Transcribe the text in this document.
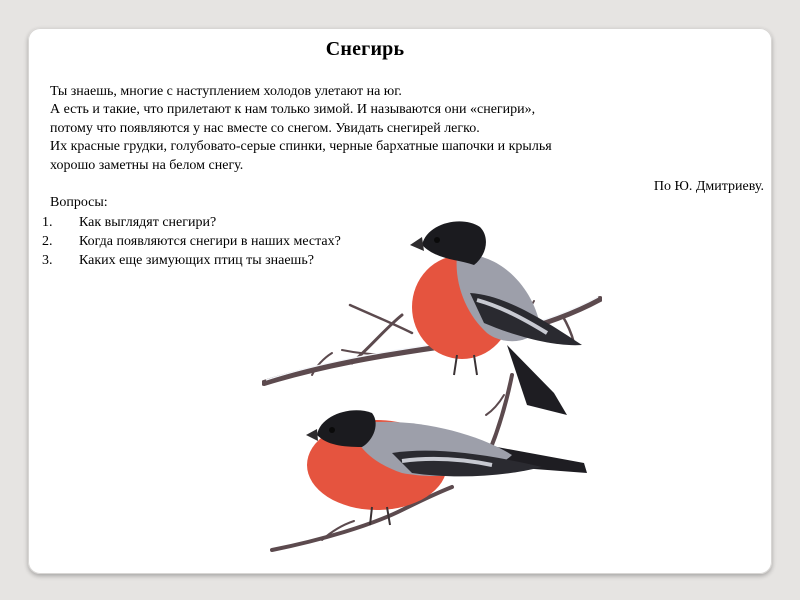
Снегирь
Ты знаешь, многие с наступлением холодов улетают на юг.
А есть и такие, что прилетают к нам только зимой. И называются они «снегири»,
потому что появляются у нас вместе со снегом. Увидать снегирей легко.
Их красные грудки, голубовато-серые спинки, черные бархатные шапочки и крылья
хорошо заметны на белом снегу.
По Ю. Дмитриеву.
Вопросы:
1.	Как выглядят снегири?
2.	Когда появляются снегири в наших местах?
3.	Каких еще зимующих птиц ты знаешь?
